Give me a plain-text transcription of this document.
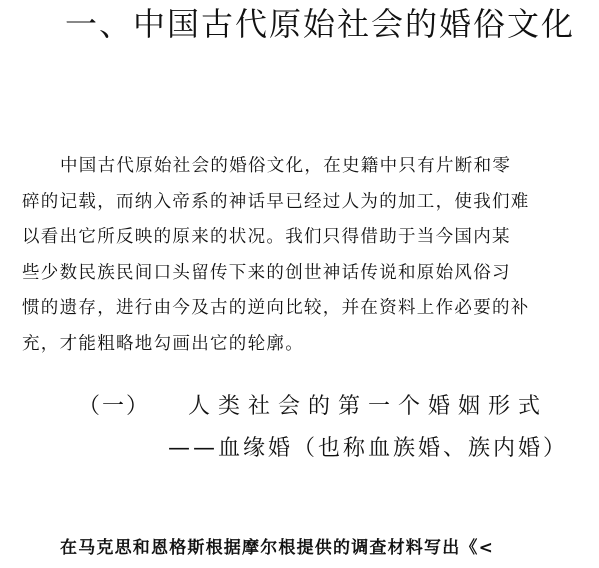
一、中国古代原始社会的婚俗文化
中国古代原始社会的婚俗文化，在史籍中只有片断和零
碎的记载，而纳入帝系的神话早已经过人为的加工，使我们难
以看出它所反映的原来的状况。我们只得借助于当今国内某
些少数民族民间口头留传下来的创世神话传说和原始风俗习
惯的遗存，进行由今及古的逆向比较，并在资料上作必要的补
充，才能粗略地勾画出它的轮廓。
（一） 人类社会的第一个婚姻形式
——血缘婚（也称血族婚、族内婚）

在马克思和恩格斯根据摩尔根提供的调查材料写出《<
